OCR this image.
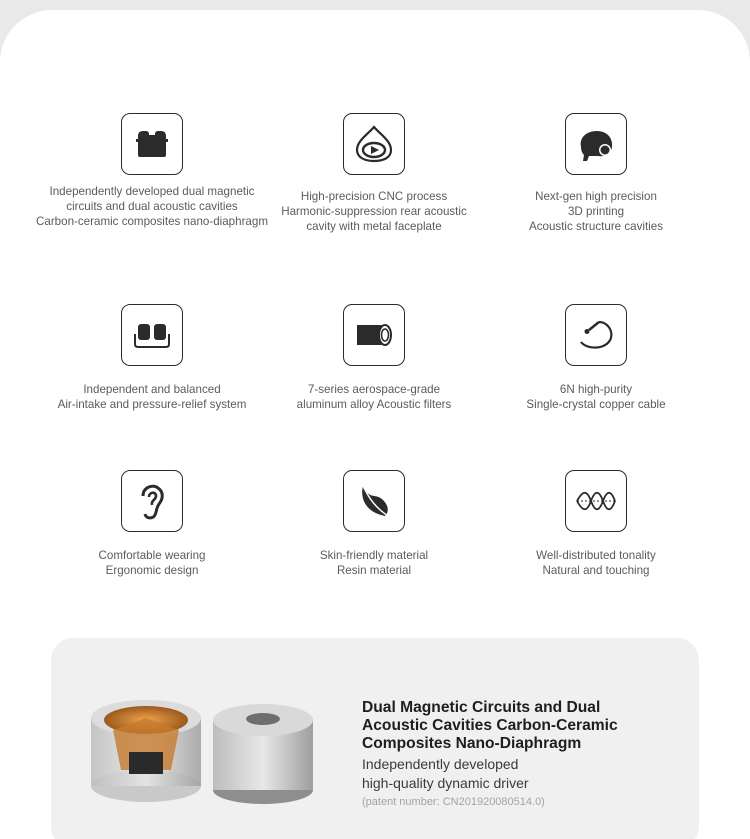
Independently developed dual magnetic
circuits and dual acoustic cavities
Carbon-ceramic composites nano-diaphragm
High-precision CNC process
Harmonic-suppression rear acoustic
cavity with metal faceplate
Next-gen high precision
3D printing
Acoustic structure cavities
Independent and balanced
Air-intake and pressure-relief system
7-series aerospace-grade
aluminum alloy Acoustic filters
6N high-purity
Single-crystal copper cable
Comfortable wearing
Ergonomic design
Skin-friendly material
Resin material
Well-distributed tonality
Natural and touching
Dual Magnetic Circuits and Dual
Acoustic Cavities Carbon-Ceramic
Composites Nano-Diaphragm
Independently developed
high-quality dynamic driver
(patent number: CN201920080514.0)
